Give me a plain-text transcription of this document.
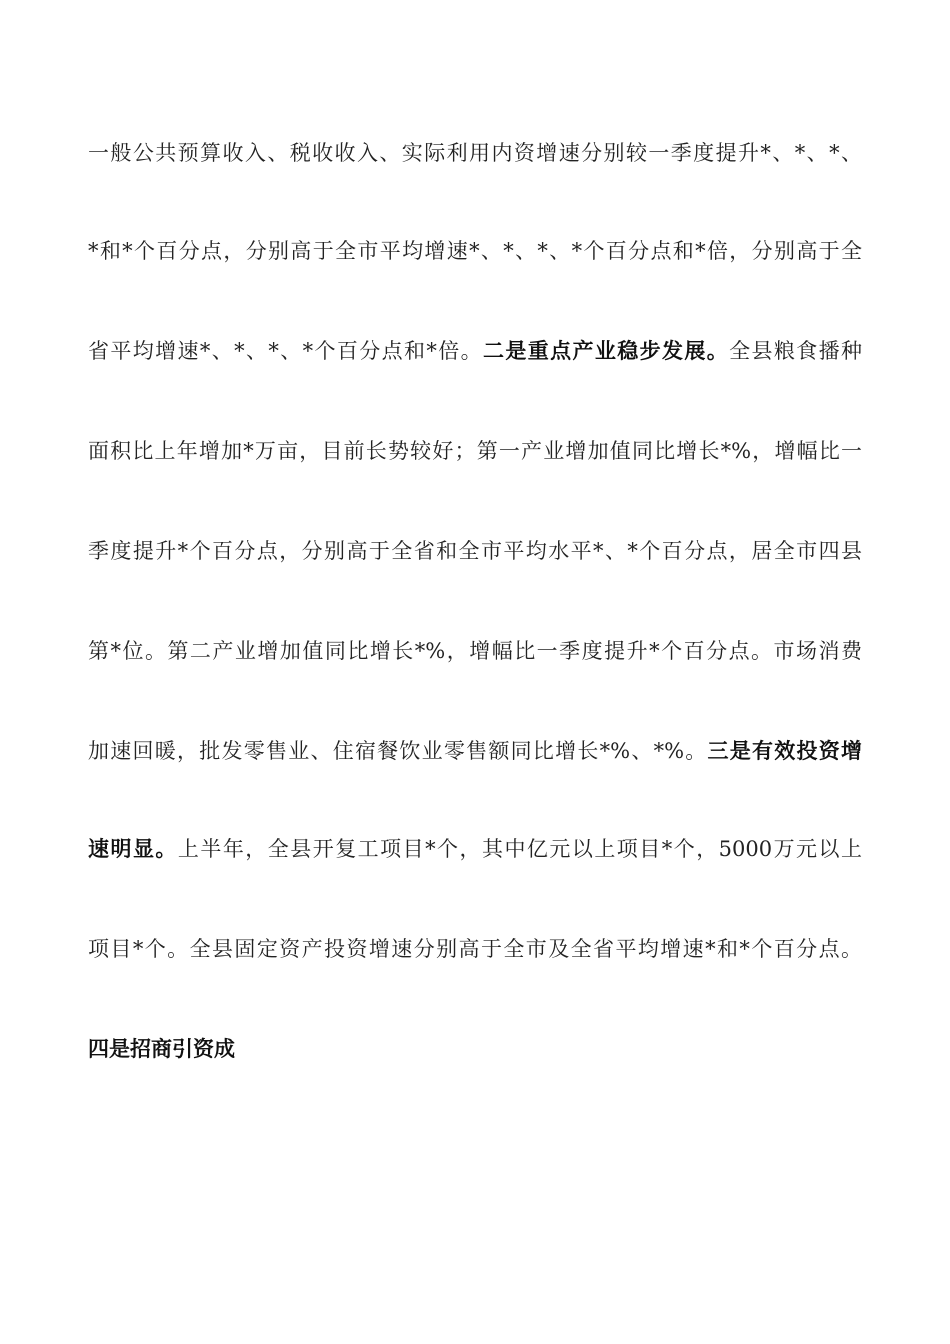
一般公共预算收入、税收收入、实际利用内资增速分别较一季度提升*、*、*、
*和*个百分点，分别高于全市平均增速*、*、*、*个百分点和*倍，分别高于全
省平均增速*、*、*、*个百分点和*倍。二是重点产业稳步发展。全县粮食播种
面积比上年增加*万亩，目前长势较好；第一产业增加值同比增长*%，增幅比一
季度提升*个百分点，分别高于全省和全市平均水平*、*个百分点，居全市四县
第*位。第二产业增加值同比增长*%，增幅比一季度提升*个百分点。市场消费
加速回暖，批发零售业、住宿餐饮业零售额同比增长*%、*%。三是有效投资增
速明显。上半年，全县开复工项目*个，其中亿元以上项目*个，5000万元以上
项目*个。全县固定资产投资增速分别高于全市及全省平均增速*和*个百分点。
四是招商引资成
